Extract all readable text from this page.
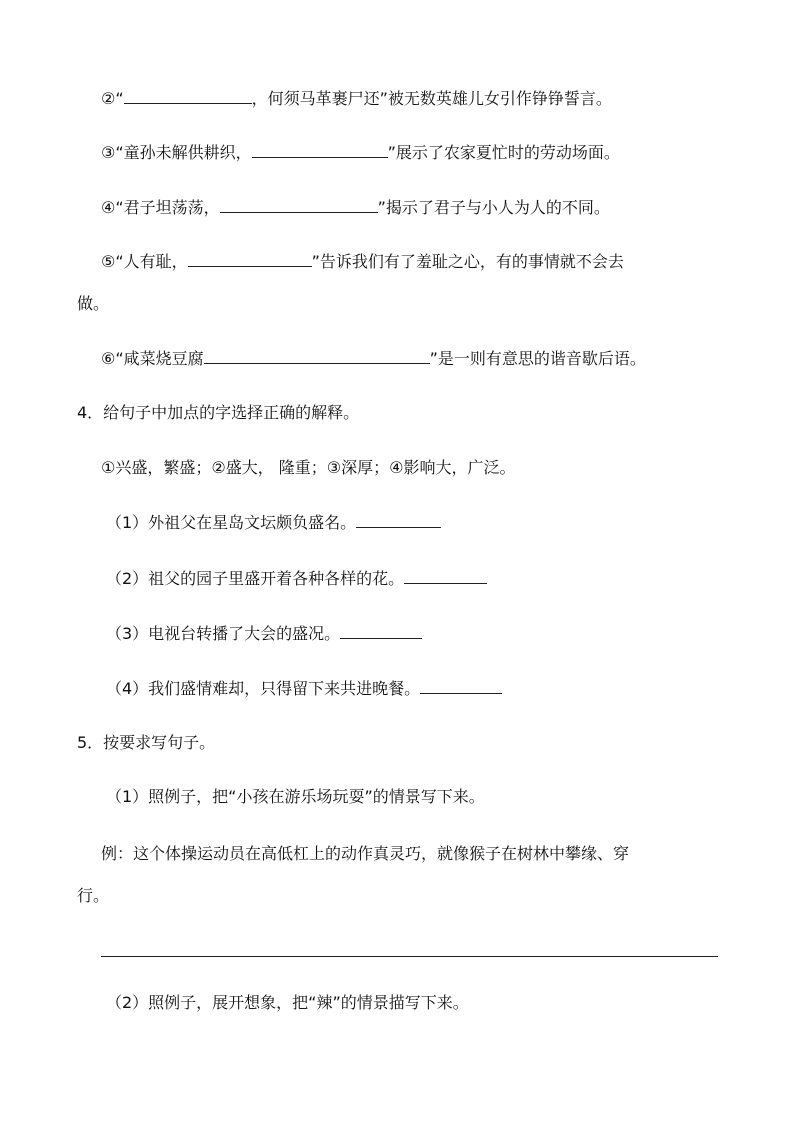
②“	，何须马革裹尸还”被无数英雄儿女引作铮铮誓言。
③“童孙未解供耕织，	”展示了农家夏忙时的劳动场面。
④“君子坦荡荡，	”揭示了君子与小人为人的不同。
⑤“人有耻，	”告诉我们有了羞耻之心，有的事情就不会去
做。
⑥“咸菜烧豆腐	”是一则有意思的谐音歇后语。
4．给句子中加点的字选择正确的解释。
①兴盛，繁盛；②盛大， 隆重；③深厚；④影响大，广泛。
（1）外祖父在星岛文坛颇负盛名。
（2）祖父的园子里盛开着各种各样的花。
（3）电视台转播了大会的盛况。
（4）我们盛情难却，只得留下来共进晚餐。
5．按要求写句子。
（1）照例子，把“小孩在游乐场玩耍”的情景写下来。
例：这个体操运动员在高低杠上的动作真灵巧，就像猴子在树林中攀缘、穿
行。
（2）照例子，展开想象，把“辣”的情景描写下来。
